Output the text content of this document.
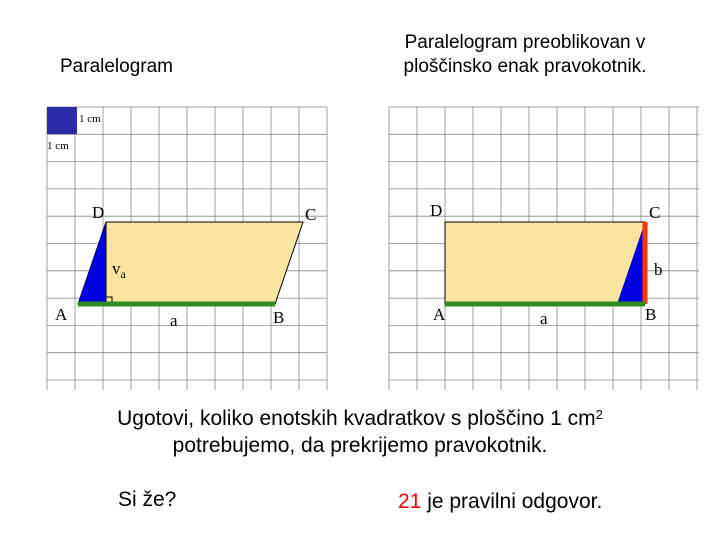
Paralelogram
Paralelogram preoblikovan v
ploščinsko enak pravokotnik.
1 cm
1 cm
A	B
C
D
a
$v_a$
A	B
C
D
a
b
Ugotovi, koliko enotskih kvadratkov s ploščino 1 $cm^2$
potrebujemo, da prekrijemo pravokotnik.
Si že?	21 je pravilni odgovor.
